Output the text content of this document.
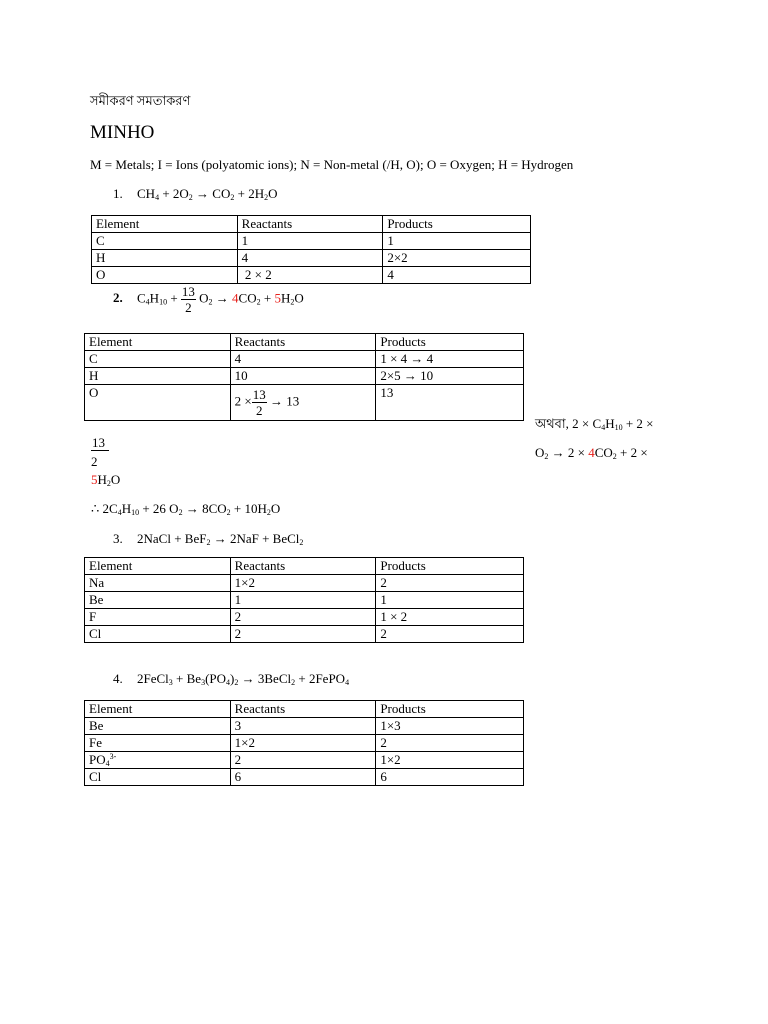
সমীকরণ সমতাকরণ
MINHO
M = Metals; I = Ions (polyatomic ions); N = Non-metal (/H, O); O = Oxygen; H = Hydrogen
1. $CH_4 + 2O_2 \to CO_2 + 2H_2O$
Element	Reactants	Products
C	1	1
H	4	2×2
O	2 × 2	4
2. $C_4H_{10} + \frac{13}{2} O_2 \to 4CO_2 + 5H_2O$
Element	Reactants	Products
C	4	1 × 4 → 4
H	10	2×5 → 10
O	$2 \times \frac{13}{2} \to 13$	13
অথবা, $2 \times C_4H_{10} + 2$ ×
$O_2 \to 2 \times 4CO_2 + 2$ ×
$\frac{13}{2}$
$5H_2O$
∴ $2C_4H_{10} + 26$ $O_2 \to 8CO_2 + 10H_2O$
3. 2NaCl + BeF$_2$ → 2NaF + BeCl$_2$
Element	Reactants	Products
Na	1×2	2
Be	1	1
F	2	1 × 2
Cl	2	2
4. 2FeCl$_3$ + $Be_3(PO_4)_2$ → 3BeCl$_2$ + 2FePO$_4$
Element	Reactants	Products
Be	3	1×3
Fe	1×2	2
$PO_4^{3-}$	2	1×2
Cl	6	6
